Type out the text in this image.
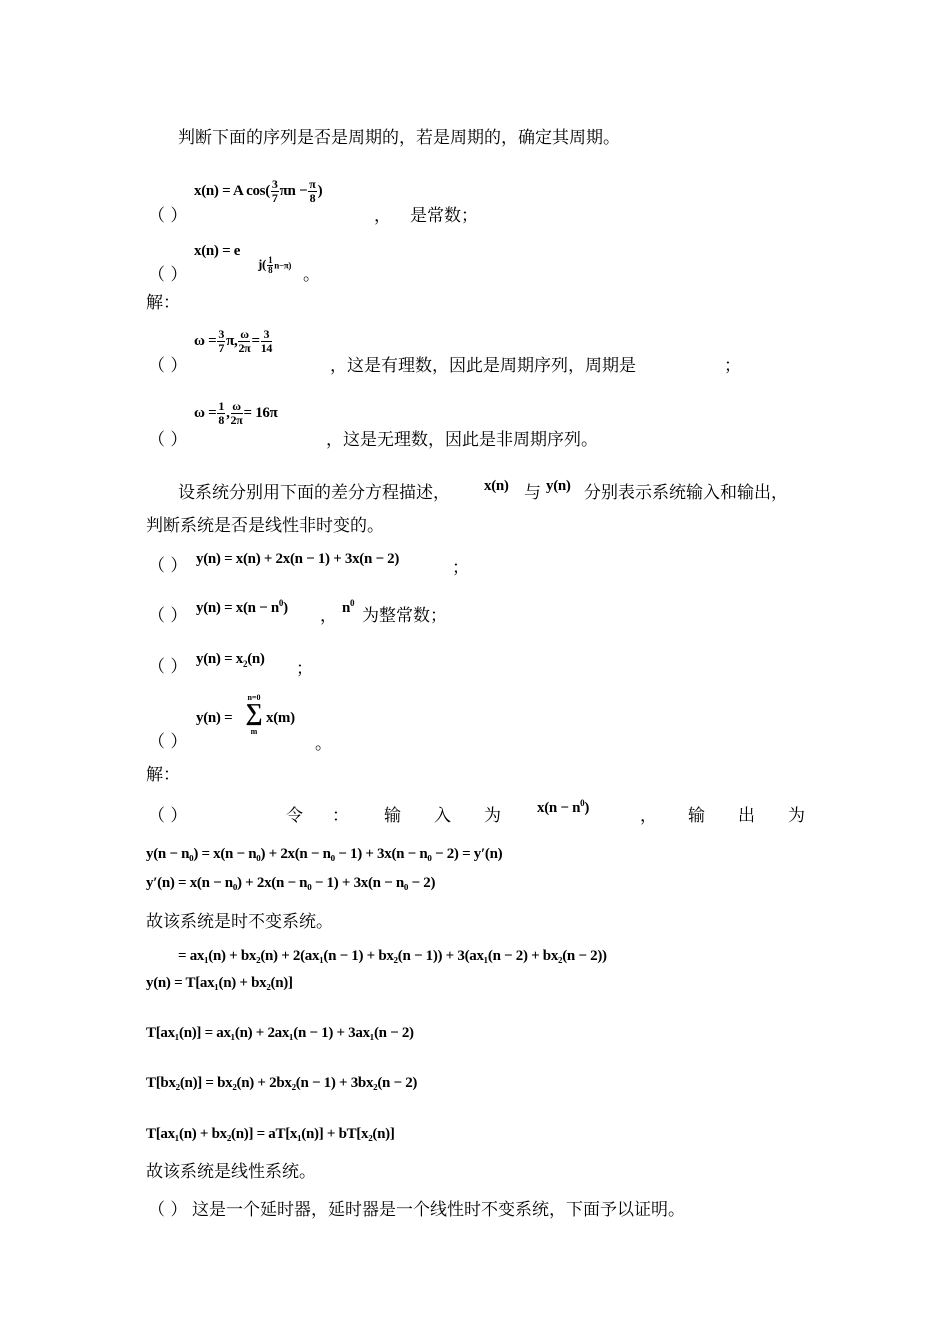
判断下面的序列是否是周期的，若是周期的，确定其周期。
x(n) = A $\cos( \frac{3}{7}$ $\pi n - \frac{\pi}{8}$ )
（ ）	， 是常数；
x(n) = e
$j( \frac{1}{8} n-\pi)$
（ ）	。
解：
$\omega = \frac{3}{7} \pi$, $\frac{\omega}{2\pi} = \frac{3}{14}$
（ ）	，这是有理数，因此是周期序列，周期是	；
$\omega = \frac{1}{8}$ , $\frac{\omega}{2\pi} = 16\pi$
（ ）	，这是无理数，因此是非周期序列。
设系统分别用下面的差分方程描述， x(n) 与 y(n) 分别表示系统输入和输出，
判断系统是否是线性非时变的。
（ ） y(n) = x(n) + 2x(n − 1) + 3x(n − 2)	；
（ ） $y(n) = x(n - n^0)$ ， $n^0$
为整常数；
（ ） $y(n) = x_2(n)$ ；
y(n) =
n=0
∑
m
x(m)
（ ）	。
解：
（ ）	令 ： 输 入 为 $x(n - n^0)$	， 输 出 为
y(n − n₀) = x(n − n₀) + 2x(n − n₀ − 1) + 3x(n − n₀ − 2) = y′(n)
y′(n) = x(n − n₀) + 2x(n − n₀ − 1) + 3x(n − n₀ − 2)
故该系统是时不变系统。
= ax₁(n) + bx₂(n) + 2(ax₁(n − 1) + bx₂(n − 1)) + 3(ax₁(n − 2) + bx₂(n − 2))
y(n) = T[ax₁(n) + bx₂(n)]
T[ax₁(n)] = ax₁(n) + 2ax₁(n − 1) + 3ax₁(n − 2)
T[bx₂(n)] = bx₂(n) + 2bx₂(n − 1) + 3bx₂(n − 2)
T[ax₁(n) + bx₂(n)] = aT[x₁(n)] + bT[x₂(n)]
故该系统是线性系统。
（ ） 这是一个延时器，延时器是一个线性时不变系统，下面予以证明。
